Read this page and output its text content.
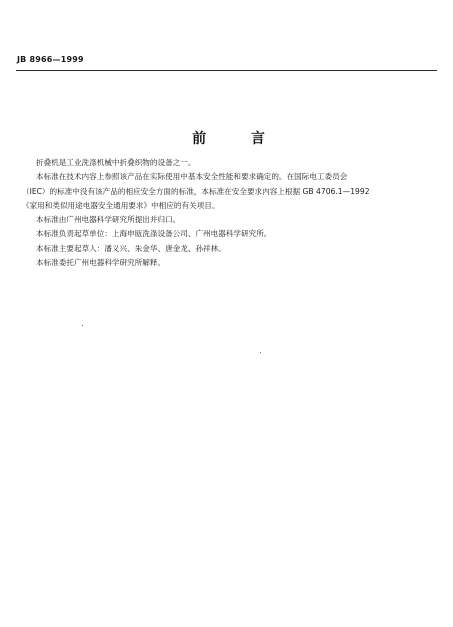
JB 8966—1999
前 言

折叠机是工业洗涤机械中折叠织物的设备之一。

本标准在技术内容上参照该产品在实际使用中基本安全性能和要求确定的。在国际电工委员会

（IEC）的标准中没有该产品的相应安全方面的标准，本标准在安全要求内容上根据 GB 4706.1—1992

《家用和类似用途电器安全通用要求》中相应的有关项目。

本标准由广州电器科学研究所提出并归口。

本标准负责起草单位：上海申瓯洗涤设备公司、广州电器科学研究所。

本标准主要起草人：潘义兴、朱金华、唐金龙、孙祥林。

本标准委托广州电器科学研究所解释。
